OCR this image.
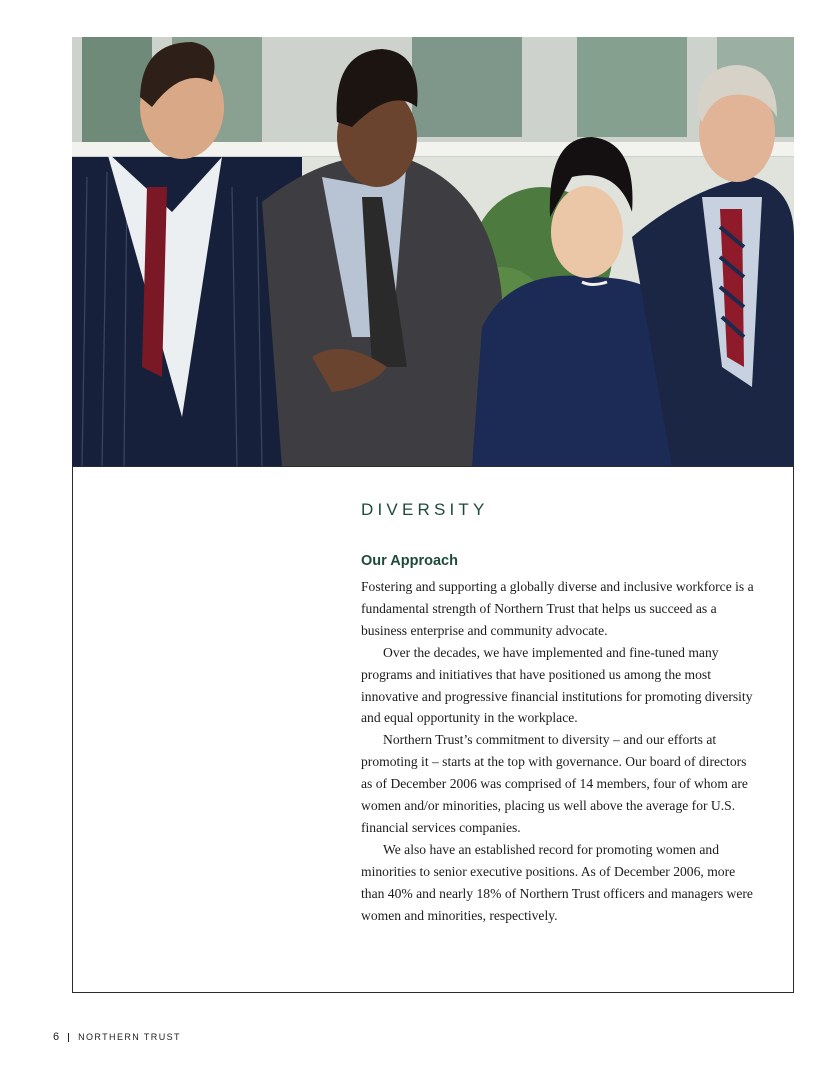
DIVERSITY
Our Approach

Fostering and supporting a globally diverse and inclusive workforce is a fundamental strength of Northern Trust that helps us succeed as a business enterprise and community advocate.

Over the decades, we have implemented and fine-tuned many programs and initiatives that have positioned us among the most innovative and progressive financial institutions for promoting diversity and equal opportunity in the workplace.

Northern Trust’s commitment to diversity – and our efforts at promoting it – starts at the top with governance. Our board of directors as of December 2006 was comprised of 14 members, four of whom are women and/or minorities, placing us well above the average for U.S. financial services companies.

We also have an established record for promoting women and minorities to senior executive positions. As of December 2006, more than 40% and nearly 18% of Northern Trust officers and managers were women and minorities, respectively.

6 NORTHERN TRUST
